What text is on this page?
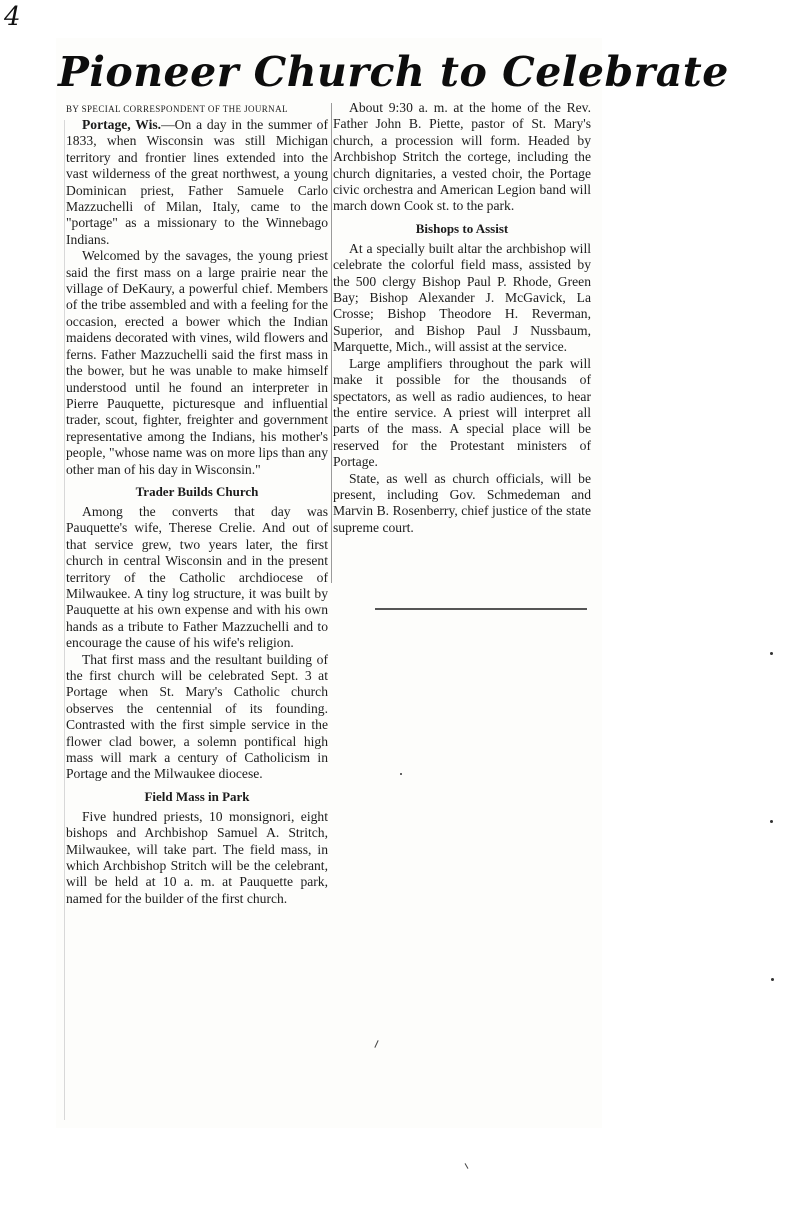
4
Pioneer Church to Celebrate
BY SPECIAL CORRESPONDENT OF THE JOURNAL

Portage, Wis.—On a day in the summer of 1833, when Wisconsin was still Michigan territory and frontier lines extended into the vast wilderness of the great northwest, a young Dominican priest, Father Samuele Carlo Mazzuchelli of Milan, Italy, came to the "portage" as a missionary to the Winnebago Indians.

Welcomed by the savages, the young priest said the first mass on a large prairie near the village of DeKaury, a powerful chief. Members of the tribe assembled and with a feeling for the occasion, erected a bower which the Indian maidens decorated with vines, wild flowers and ferns. Father Mazzuchelli said the first mass in the bower, but he was unable to make himself understood until he found an interpreter in Pierre Pauquette, picturesque and influential trader, scout, fighter, freighter and government representative among the Indians, his mother's people, "whose name was on more lips than any other man of his day in Wisconsin."

Trader Builds Church

Among the converts that day was Pauquette's wife, Therese Crelie. And out of that service grew, two years later, the first church in central Wisconsin and in the present territory of the Catholic archdiocese of Milwaukee. A tiny log structure, it was built by Pauquette at his own expense and with his own hands as a tribute to Father Mazzuchelli and to encourage the cause of his wife's religion.

That first mass and the resultant building of the first church will be celebrated Sept. 3 at Portage when St. Mary's Catholic church observes the centennial of its founding. Contrasted with the first simple service in the flower clad bower, a solemn pontifical high mass will mark a century of Catholicism in Portage and the Milwaukee diocese.

Field Mass in Park

Five hundred priests, 10 monsignori, eight bishops and Archbishop Samuel A. Stritch, Milwaukee, will take part. The field mass, in which Archbishop Stritch will be the celebrant, will be held at 10 a. m. at Pauquette park, named for the builder of the first church.

About 9:30 a. m. at the home of the Rev. Father John B. Piette, pastor of St. Mary's church, a procession will form. Headed by Archbishop Stritch the cortege, including the church dignitaries, a vested choir, the Portage civic orchestra and American Legion band will march down Cook st. to the park.

Bishops to Assist

At a specially built altar the archbishop will celebrate the colorful field mass, assisted by the 500 clergy Bishop Paul P. Rhode, Green Bay; Bishop Alexander J. McGavick, La Crosse; Bishop Theodore H. Reverman, Superior, and Bishop Paul J Nussbaum, Marquette, Mich., will assist at the service.

Large amplifiers throughout the park will make it possible for the thousands of spectators, as well as radio audiences, to hear the entire service. A priest will interpret all parts of the mass. A special place will be reserved for the Protestant ministers of Portage.

State, as well as church officials, will be present, including Gov. Schmedeman and Marvin B. Rosenberry, chief justice of the state supreme court.
